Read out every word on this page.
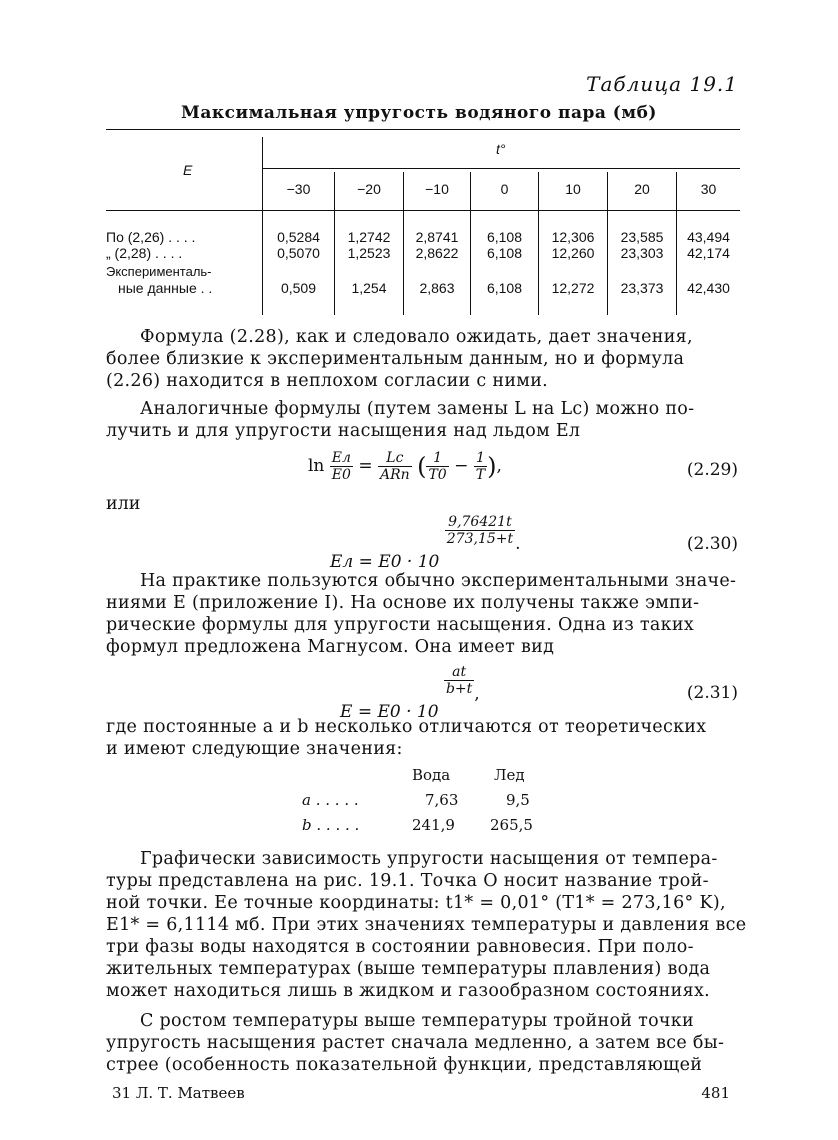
Таблица 19.1
Максимальная упругость водяного пара (мб)
E
t°
−30	−20	−10	0	10	20	30
По (2,26) . . . .	0,5284	1,2742	2,8741	6,108	12,306	23,585	43,494
„ (2,28) . . . .	0,5070	1,2523	2,8622	6,108	12,260	23,303	42,174
Эксперименталь-
ные данные . .	0,509	1,254	2,863	6,108	12,272	23,373	42,430
Формула (2.28), как и следовало ожидать, дает значения,
более близкие к экспериментальным данным, но и формула
(2.26) находится в неплохом согласии с ними.
Аналогичные формулы (путем замены L на Lс) можно по-
лучить и для упругости насыщения над льдом Eл
$\ln \frac{Eл}{E0} = \frac{Lс}{\text{ARп}}$ ( $\frac{1}{T0} - \frac{1}{T}$ ),	(2.29)
или
Eл = E0 · 10
$\frac{9,76421t}{273,15+t}$ .	(2.30)
На практике пользуются обычно экспериментальными значе-
ниями E (приложение I). На основе их получены также эмпи-
рические формулы для упругости насыщения. Одна из таких
формул предложена Магнусом. Она имеет вид
E = E0 · 10
$\frac{at}{b+t}$ ,	(2.31)
где постоянные a и b несколько отличаются от теоретических
и имеют следующие значения:
Вода	Лед
a . . . . .	7,63	9,5
b . . . . .	241,9 265,5
Графически зависимость упругости насыщения от темпера-
туры представлена на рис. 19.1. Точка O носит название трой-
ной точки. Ее точные координаты: t1* = 0,01° (T1* = 273,16° K),
E1* = 6,1114 мб. При этих значениях температуры и давления все
три фазы воды находятся в состоянии равновесия. При поло-
жительных температурах (выше температуры плавления) вода
может находиться лишь в жидком и газообразном состояниях.
С ростом температуры выше температуры тройной точки
упругость насыщения растет сначала медленно, а затем все бы-
стрее (особенность показательной функции, представляющей
31 Л. Т. Матвеев	481
